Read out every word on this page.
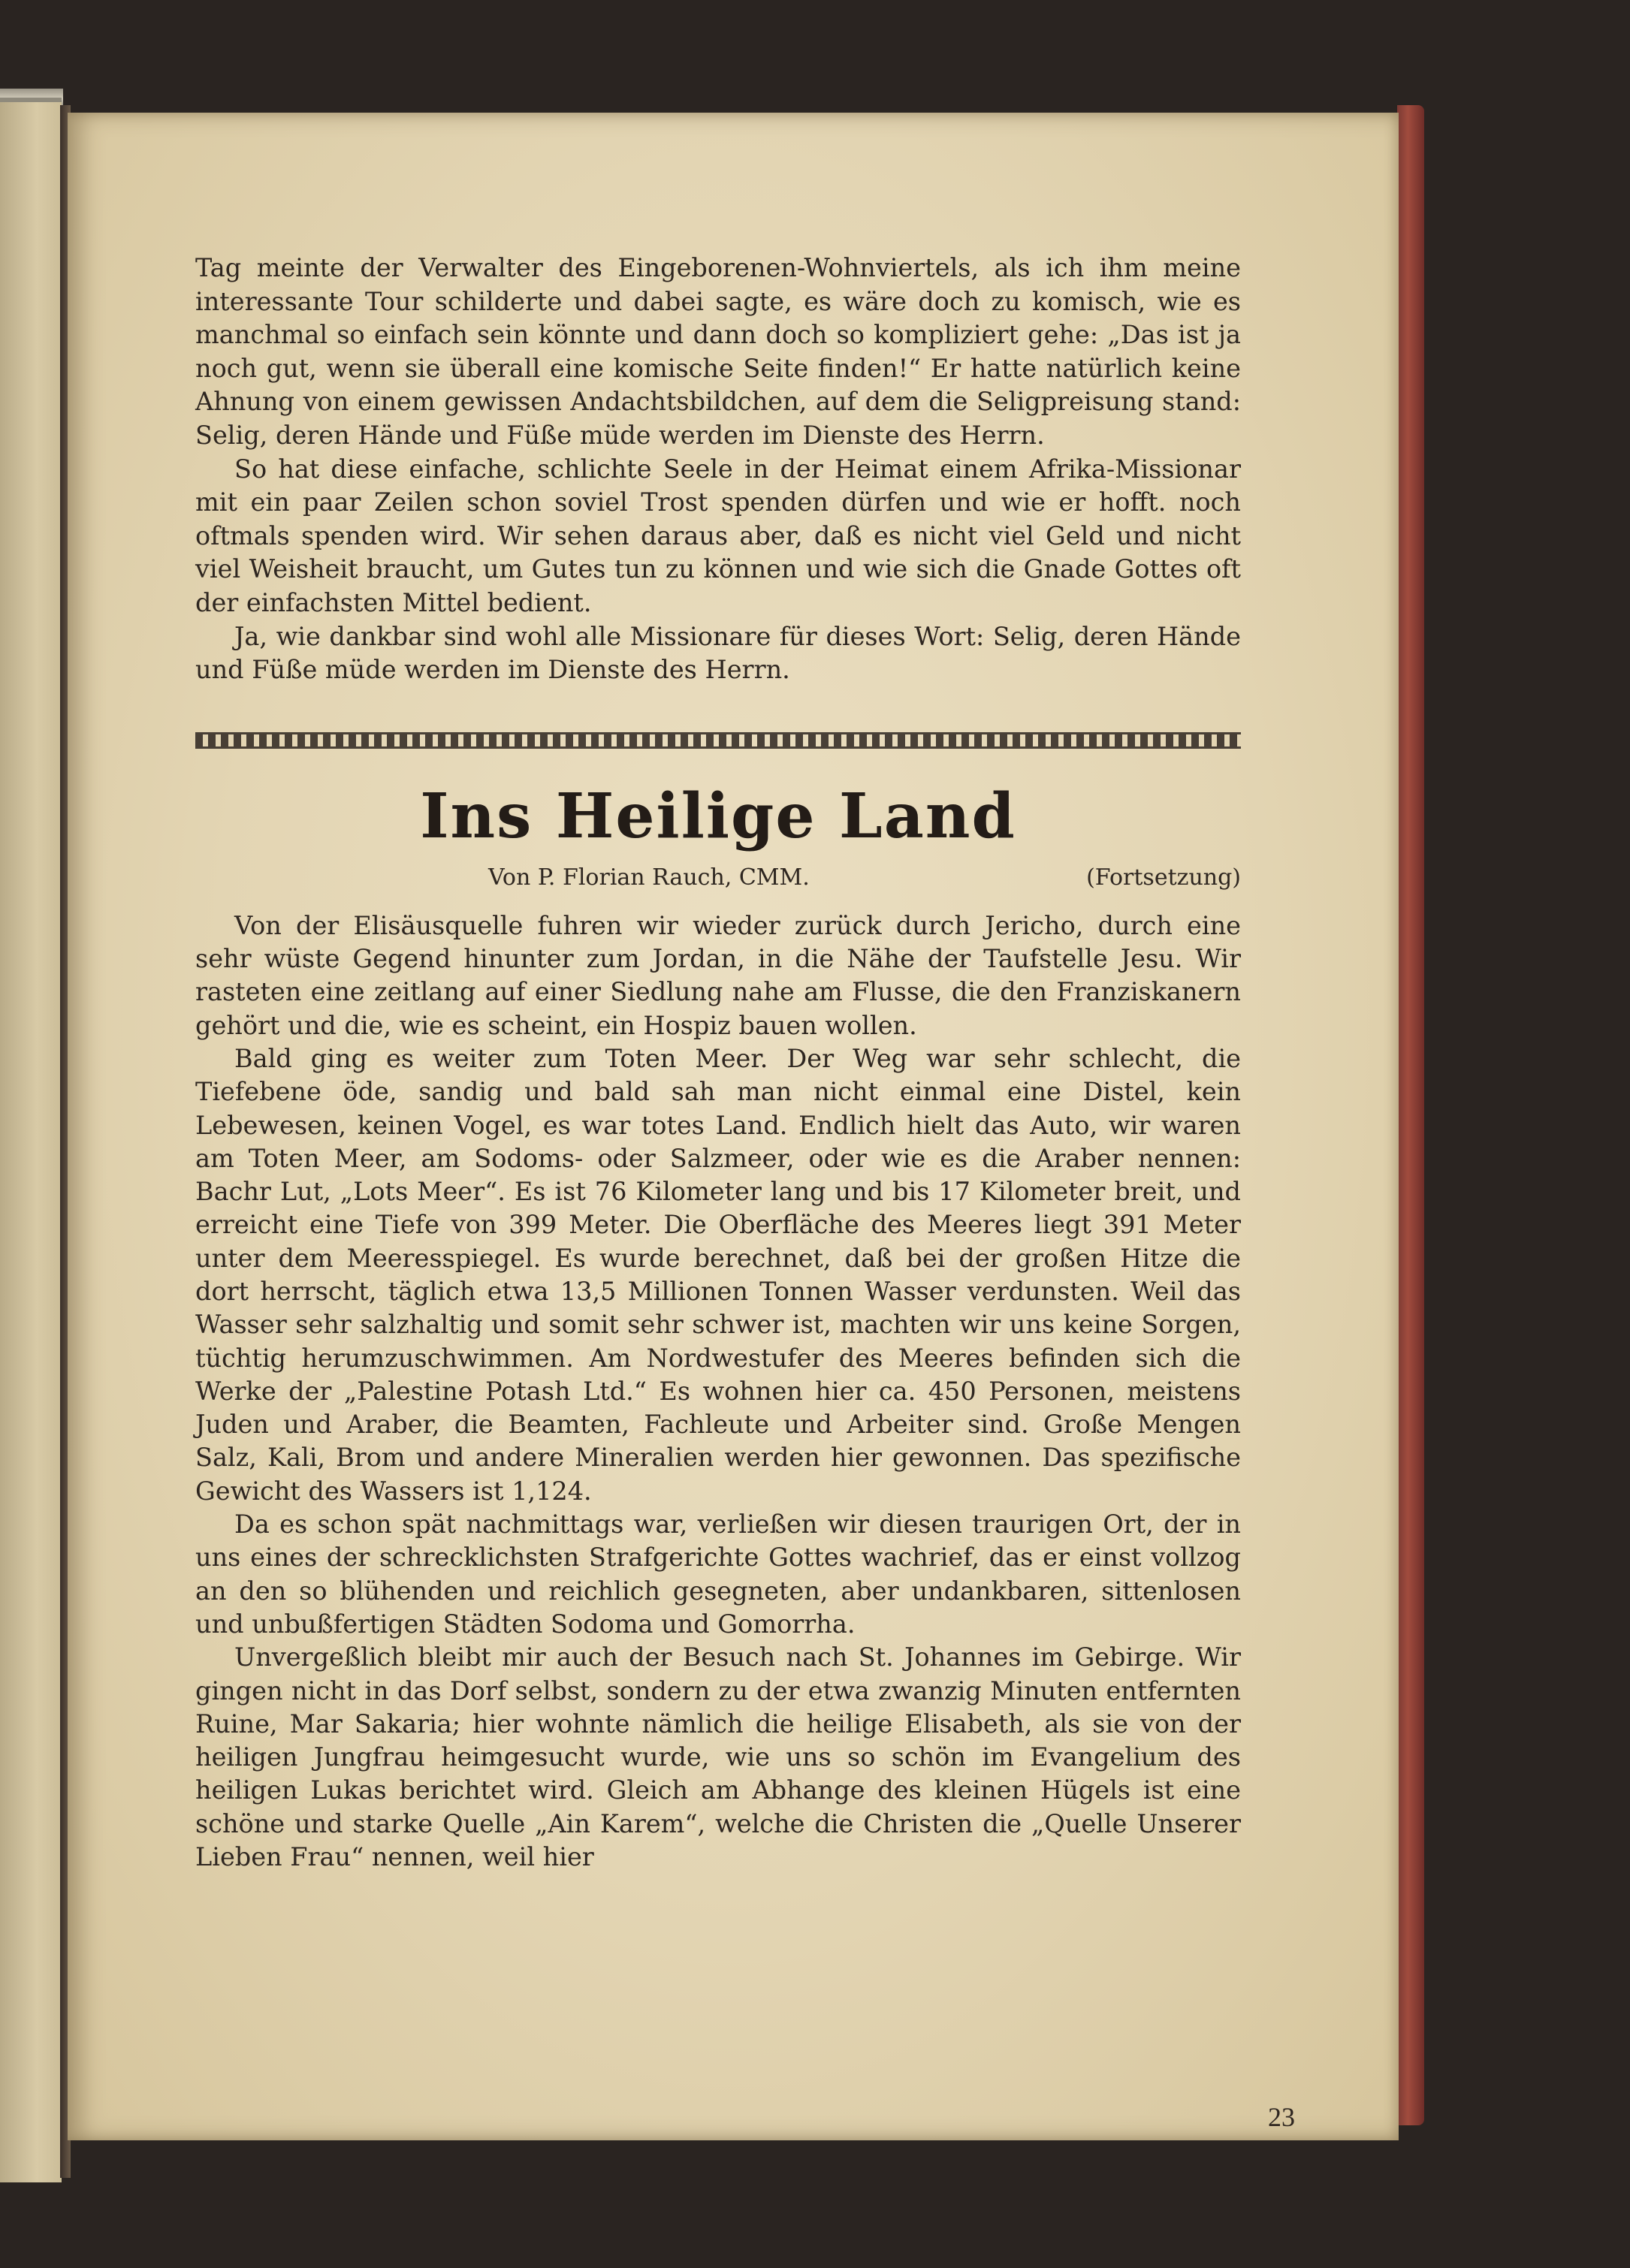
Tag meinte der Verwalter des Eingeborenen-Wohnviertels, als ich ihm meine interessante Tour schilderte und dabei sagte, es wäre doch zu komisch, wie es manchmal so einfach sein könnte und dann doch so kompliziert gehe: „Das ist ja noch gut, wenn sie überall eine komische Seite finden!“ Er hatte natürlich keine Ahnung von einem gewissen Andachtsbildchen, auf dem die Seligpreisung stand: Selig, deren Hände und Füße müde werden im Dienste des Herrn.

So hat diese einfache, schlichte Seele in der Heimat einem Afrika-Missionar mit ein paar Zeilen schon soviel Trost spenden dürfen und wie er hofft. noch oftmals spenden wird. Wir sehen daraus aber, daß es nicht viel Geld und nicht viel Weisheit braucht, um Gutes tun zu können und wie sich die Gnade Gottes oft der einfachsten Mittel bedient.

Ja, wie dankbar sind wohl alle Missionare für dieses Wort: Selig, deren Hände und Füße müde werden im Dienste des Herrn.

Ins Heilige Land
Von P. Florian Rauch, CMM.	(Fortsetzung)

Von der Elisäusquelle fuhren wir wieder zurück durch Jericho, durch eine sehr wüste Gegend hinunter zum Jordan, in die Nähe der Taufstelle Jesu. Wir rasteten eine zeitlang auf einer Siedlung nahe am Flusse, die den Franziskanern gehört und die, wie es scheint, ein Hospiz bauen wollen.

Bald ging es weiter zum Toten Meer. Der Weg war sehr schlecht, die Tiefebene öde, sandig und bald sah man nicht einmal eine Distel, kein Lebewesen, keinen Vogel, es war totes Land. Endlich hielt das Auto, wir waren am Toten Meer, am Sodoms- oder Salzmeer, oder wie es die Araber nennen: Bachr Lut, „Lots Meer“. Es ist 76 Kilometer lang und bis 17 Kilometer breit, und erreicht eine Tiefe von 399 Meter. Die Oberfläche des Meeres liegt 391 Meter unter dem Meeresspiegel. Es wurde berechnet, daß bei der großen Hitze die dort herrscht, täglich etwa 13,5 Millionen Tonnen Wasser verdunsten. Weil das Wasser sehr salzhaltig und somit sehr schwer ist, machten wir uns keine Sorgen, tüchtig herumzuschwimmen. Am Nordwestufer des Meeres befinden sich die Werke der „Palestine Potash Ltd.“ Es wohnen hier ca. 450 Personen, meistens Juden und Araber, die Beamten, Fachleute und Arbeiter sind. Große Mengen Salz, Kali, Brom und andere Mineralien werden hier gewonnen. Das spezifische Gewicht des Wassers ist 1,124.

Da es schon spät nachmittags war, verließen wir diesen traurigen Ort, der in uns eines der schrecklichsten Strafgerichte Gottes wachrief, das er einst vollzog an den so blühenden und reichlich gesegneten, aber undankbaren, sittenlosen und unbußfertigen Städten Sodoma und Gomorrha.

Unvergeßlich bleibt mir auch der Besuch nach St. Johannes im Gebirge. Wir gingen nicht in das Dorf selbst, sondern zu der etwa zwanzig Minuten entfernten Ruine, Mar Sakaria; hier wohnte nämlich die heilige Elisabeth, als sie von der heiligen Jungfrau heimgesucht wurde, wie uns so schön im Evangelium des heiligen Lukas berichtet wird. Gleich am Abhange des kleinen Hügels ist eine schöne und starke Quelle „Ain Karem“, welche die Christen die „Quelle Unserer Lieben Frau“ nennen, weil hier

23
